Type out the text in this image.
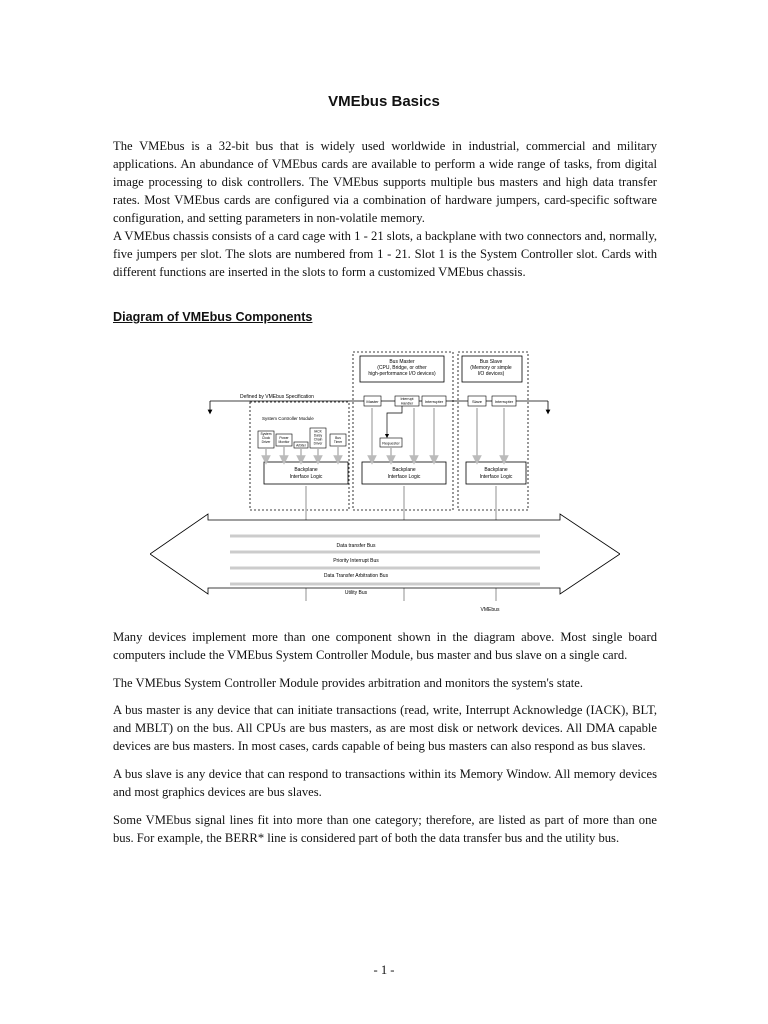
VMEbus Basics

The VMEbus is a 32-bit bus that is widely used worldwide in industrial, commercial and military applications. An abundance of VMEbus cards are available to perform a wide range of tasks, from digital image processing to disk controllers. The VMEbus supports multiple bus masters and high data transfer rates. Most VMEbus cards are configured via a combination of hardware jumpers, card-specific software configuration, and setting parameters in non-volatile memory.

A VMEbus chassis consists of a card cage with 1 - 21 slots, a backplane with two connectors and, normally, five jumpers per slot. The slots are numbered from 1 - 21. Slot 1 is the System Controller slot. Cards with different functions are inserted in the slots to form a customized VMEbus chassis.

Diagram of VMEbus Components
Bus Master
(CPU, Bridge, or other
high-performance I/O devices)
Bus Slave
(Memory or simple
I/O devices)
Defined by VMEbus Specification
Master	Interrupt
Handler	Interrupter
Requester
Slave	Interrupter
System Controller Module
System
Clock
Driver
Power
Monitor
Arbiter
IACK
Daisy
Chain
Driver
Bus
Timer
Backplane
Interface Logic
Backplane
Interface Logic
Backplane
Interface Logic
Data transfer Bus
Priority Interrupt Bus
Data Transfer Arbitration Bus
Utility Bus
VMEbus

Many devices implement more than one component shown in the diagram above. Most single board computers include the VMEbus System Controller Module, bus master and bus slave on a single card.

The VMEbus System Controller Module provides arbitration and monitors the system's state.

A bus master is any device that can initiate transactions (read, write, Interrupt Acknowledge (IACK), BLT, and MBLT) on the bus. All CPUs are bus masters, as are most disk or network devices. All DMA capable devices are bus masters. In most cases, cards capable of being bus masters can also respond as bus slaves.

A bus slave is any device that can respond to transactions within its Memory Window. All memory devices and most graphics devices are bus slaves.

Some VMEbus signal lines fit into more than one category; therefore, are listed as part of more than one bus. For example, the BERR* line is considered part of both the data transfer bus and the utility bus.

- 1 -
